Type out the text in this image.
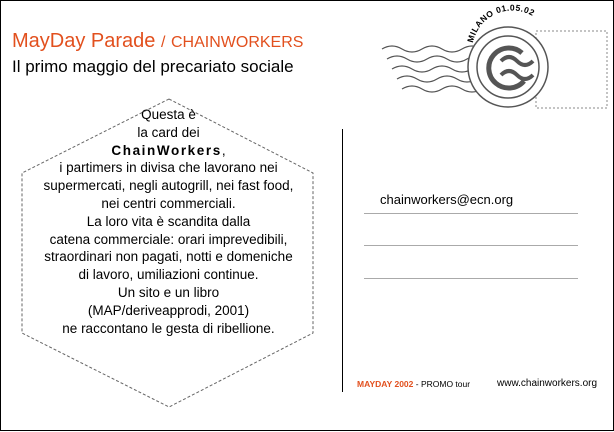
MayDay Parade / CHAINWORKERS
Il primo maggio del precariato sociale
Questa è
la card dei
ChainWorkers,
i partimers in divisa che lavorano nei
supermercati, negli autogrill, nei fast food,
nei centri commerciali.
La loro vita è scandita dalla
catena commerciale: orari imprevedibili,
straordinari non pagati, notti e domeniche
di lavoro, umiliazioni continue.
Un sito e un libro
(MAP/deriveapprodi, 2001)
ne raccontano le gesta di ribellione.
MILANO 01.05.02
chainworkers@ecn.org
MAYDAY 2002 - PROMO tour	www.chainworkers.org
